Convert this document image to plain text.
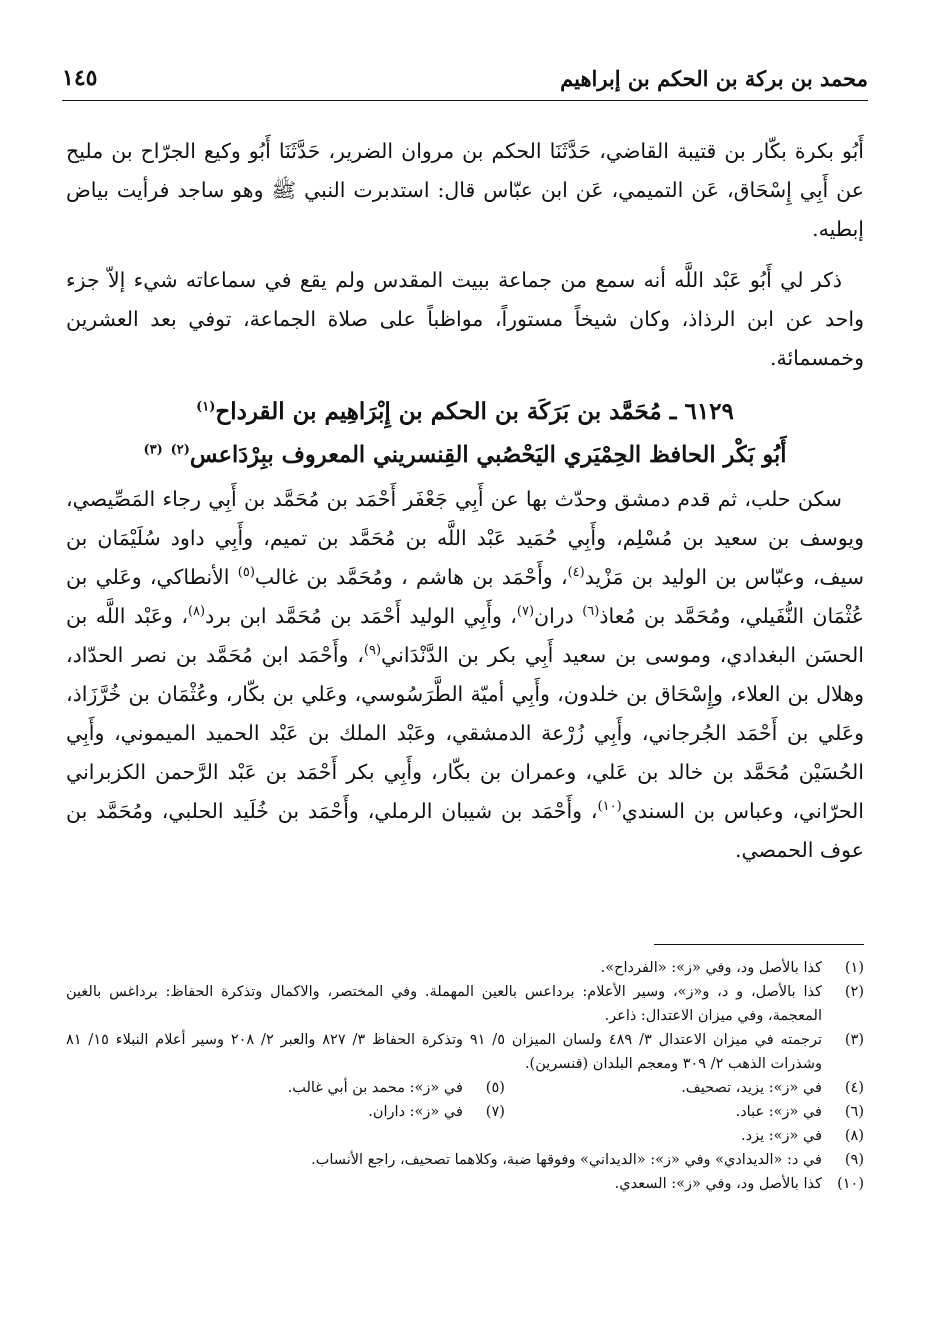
محمد بن بركة بن الحكم بن إبراهيم
١٤٥

أَبُو بكرة بكّار بن قتيبة القاضي، حَدَّثَنَا الحكم بن مروان الضرير، حَدَّثَنَا أَبُو وكيع الجرّاح بن مليح عن أَبِي إِسْحَاق، عَن التميمي، عَن ابن عبّاس قال: استدبرت النبي ﷺ وهو ساجد فرأيت بياض إبطيه.

ذكر لي أَبُو عَبْد اللَّه أنه سمع من جماعة ببيت المقدس ولم يقع في سماعاته شيء إلاّ جزء واحد عن ابن الرذاذ، وكان شيخاً مستوراً، مواظباً على صلاة الجماعة، توفي بعد العشرين وخمسمائة.

٦١٢٩ ـ مُحَمَّد بن بَرَكَة بن الحكم بن إِبْرَاهِيم بن القرداح$^{(١)}$
أَبُو بَكْر الحافظ الحِمْيَري اليَحْصُبي القِنسريني المعروف ببِرْدَاعس$^{(٢)}$ $^{(٣)}$

سكن حلب، ثم قدم دمشق وحدّث بها عن أَبِي جَعْفَر أَحْمَد بن مُحَمَّد بن أَبِي رجاء المَصِّيصي، ويوسف بن سعيد بن مُسْلِم، وأَبِي حُمَيد عَبْد اللَّه بن مُحَمَّد بن تميم، وأَبِي داود سُلَيْمَان بن سيف، وعبّاس بن الوليد بن مَزْيد$^{(٤)}$، وأَحْمَد بن هاشم ، ومُحَمَّد بن غالب$^{(٥)}$ الأنطاكي، وعَلي بن عُثْمَان النُّفَيلي، ومُحَمَّد بن مُعاذ$^{(٦)}$ دران$^{(٧)}$، وأَبِي الوليد أَحْمَد بن مُحَمَّد ابن برد$^{(٨)}$، وعَبْد اللَّه بن الحسَن البغدادي، وموسى بن سعيد أَبِي بكر بن الدَّنْدَاني$^{(٩)}$، وأَحْمَد ابن مُحَمَّد بن نصر الحدّاد، وهلال بن العلاء، وإِسْحَاق بن خلدون، وأَبِي أميّة الطَّرَسُوسي، وعَلي بن بكّار، وعُثْمَان بن خُرَّزَاذ، وعَلي بن أَحْمَد الجُرجاني، وأَبِي زُرْعة الدمشقي، وعَبْد الملك بن عَبْد الحميد الميموني، وأَبِي الحُسَيْن مُحَمَّد بن خالد بن عَلي، وعمران بن بكّار، وأَبِي بكر أَحْمَد بن عَبْد الرَّحمن الكزبراني الحرّاني، وعباس بن السندي$^{(١٠)}$، وأَحْمَد بن شيبان الرملي، وأَحْمَد بن خُلَيد الحلبي، ومُحَمَّد بن عوف الحمصي.

(١)
كذا بالأصل ود، وفي «ز»: «الفرداح».
(٢)
كذا بالأصل، و د، و«ز»، وسير الأعلام: برداعس بالعين المهملة. وفي المختصر، والاكمال وتذكرة الحفاظ: برداغس بالغين المعجمة، وفي ميزان الاعتدال: ذاعر.
(٣)
ترجمته في ميزان الاعتدال ٣/ ٤٨٩ ولسان الميزان ٥/ ٩١ وتذكرة الحفاظ ٣/ ٨٢٧ والعبر ٢/ ٢٠٨ وسير أعلام النبلاء ١٥/ ٨١ وشذرات الذهب ٢/ ٣٠٩ ومعجم البلدان (قنسرين).
(٤)
في «ز»: يزيد، تصحيف.
(٥)
في «ز»: محمد بن أبي غالب.
(٦)
في «ز»: عباد.
(٧)
في «ز»: داران.
(٨)
في «ز»: يزد.
(٩)
في د: «الديدادي» وفي «ز»: «الديداني» وفوقها ضبة، وكلاهما تصحيف، راجع الأنساب.
(١٠)
كذا بالأصل ود، وفي «ز»: السعدي.
